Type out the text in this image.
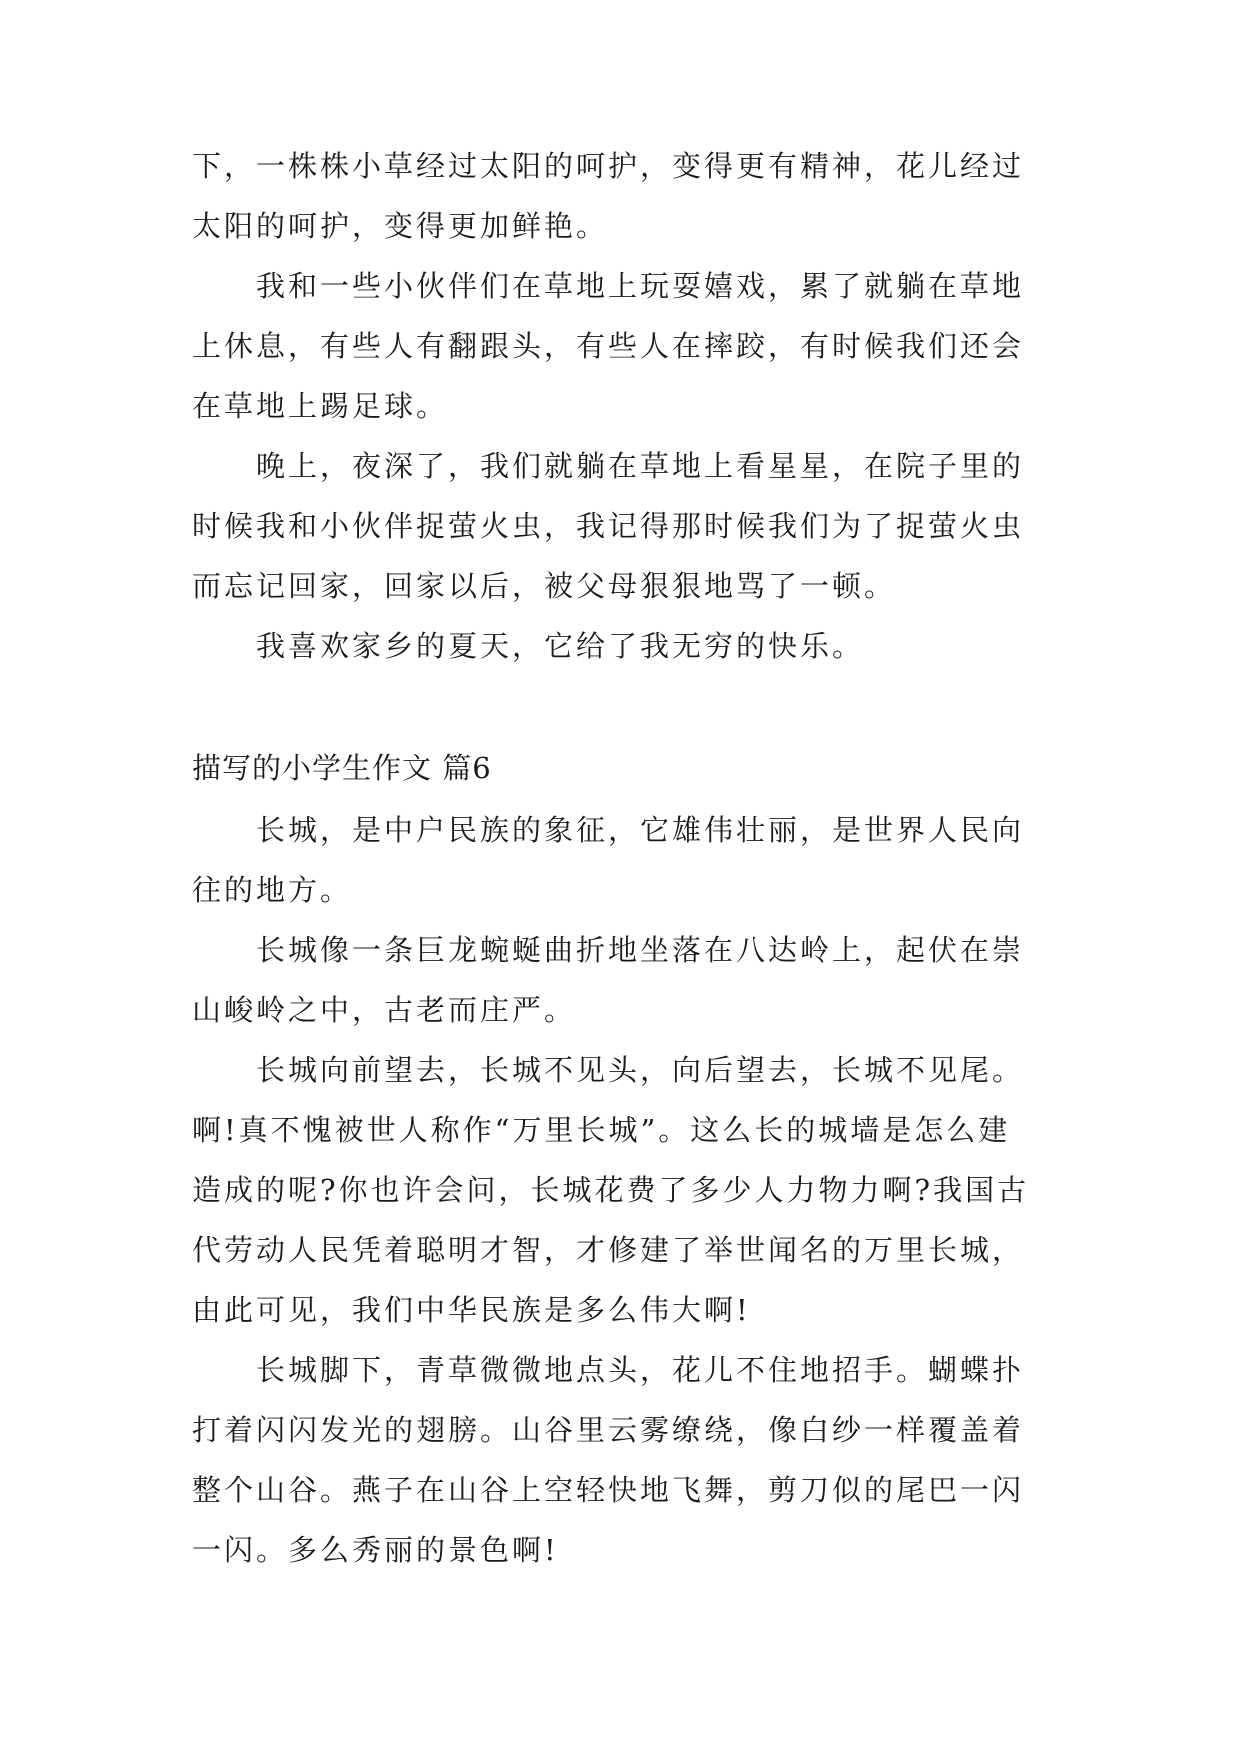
下，一株株小草经过太阳的呵护，变得更有精神，花儿经过
太阳的呵护，变得更加鲜艳。
我和一些小伙伴们在草地上玩耍嬉戏，累了就躺在草地
上休息，有些人有翻跟头，有些人在摔跤，有时候我们还会
在草地上踢足球。
晚上，夜深了，我们就躺在草地上看星星，在院子里的
时候我和小伙伴捉萤火虫，我记得那时候我们为了捉萤火虫
而忘记回家，回家以后，被父母狠狠地骂了一顿。
我喜欢家乡的夏天，它给了我无穷的快乐。
描写的小学生作文 篇6
长城，是中户民族的象征，它雄伟壮丽，是世界人民向
往的地方。
长城像一条巨龙蜿蜒曲折地坐落在八达岭上，起伏在崇
山峻岭之中，古老而庄严。
长城向前望去，长城不见头，向后望去，长城不见尾。
啊!真不愧被世人称作“万里长城”。这么长的城墙是怎么建
造成的呢?你也许会问，长城花费了多少人力物力啊?我国古
代劳动人民凭着聪明才智，才修建了举世闻名的万里长城，
由此可见，我们中华民族是多么伟大啊!
长城脚下，青草微微地点头，花儿不住地招手。蝴蝶扑
打着闪闪发光的翅膀。山谷里云雾缭绕，像白纱一样覆盖着
整个山谷。燕子在山谷上空轻快地飞舞，剪刀似的尾巴一闪
一闪。多么秀丽的景色啊!
